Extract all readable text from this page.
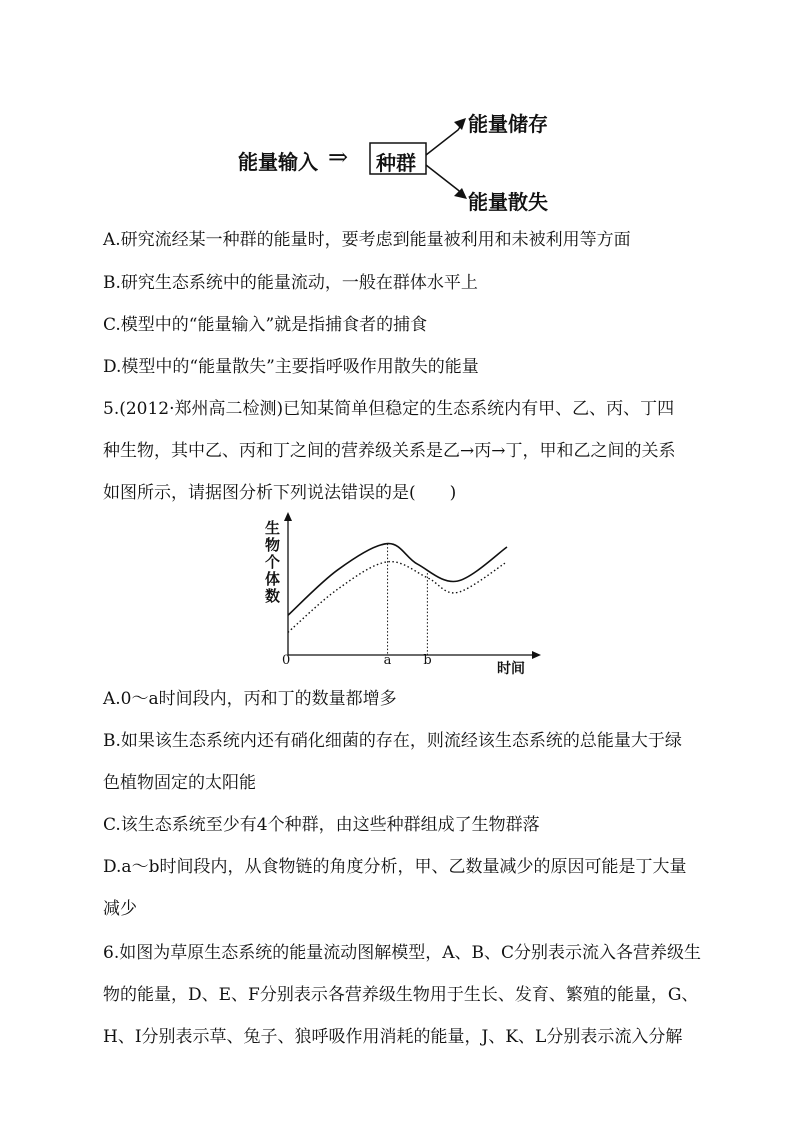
能量输入 ⇒ 种群
能量储存
能量散失
A.研究流经某一种群的能量时，要考虑到能量被利用和未被利用等方面
B.研究生态系统中的能量流动，一般在群体水平上
C.模型中的“能量输入”就是指捕食者的捕食
D.模型中的“能量散失”主要指呼吸作用散失的能量
5.(2012·郑州高二检测)已知某简单但稳定的生态系统内有甲、乙、丙、丁四
种生物，其中乙、丙和丁之间的营养级关系是乙→丙→丁，甲和乙之间的关系
如图所示，请据图分析下列说法错误的是(　　)
生物个体数
0	a b
时间
A.0～a时间段内，丙和丁的数量都增多
B.如果该生态系统内还有硝化细菌的存在，则流经该生态系统的总能量大于绿
色植物固定的太阳能
C.该生态系统至少有4个种群，由这些种群组成了生物群落
D.a～b时间段内，从食物链的角度分析，甲、乙数量减少的原因可能是丁大量
减少
6.如图为草原生态系统的能量流动图解模型，A、B、C分别表示流入各营养级生
物的能量，D、E、F分别表示各营养级生物用于生长、发育、繁殖的能量，G、
H、I分别表示草、兔子、狼呼吸作用消耗的能量，J、K、L分别表示流入分解
